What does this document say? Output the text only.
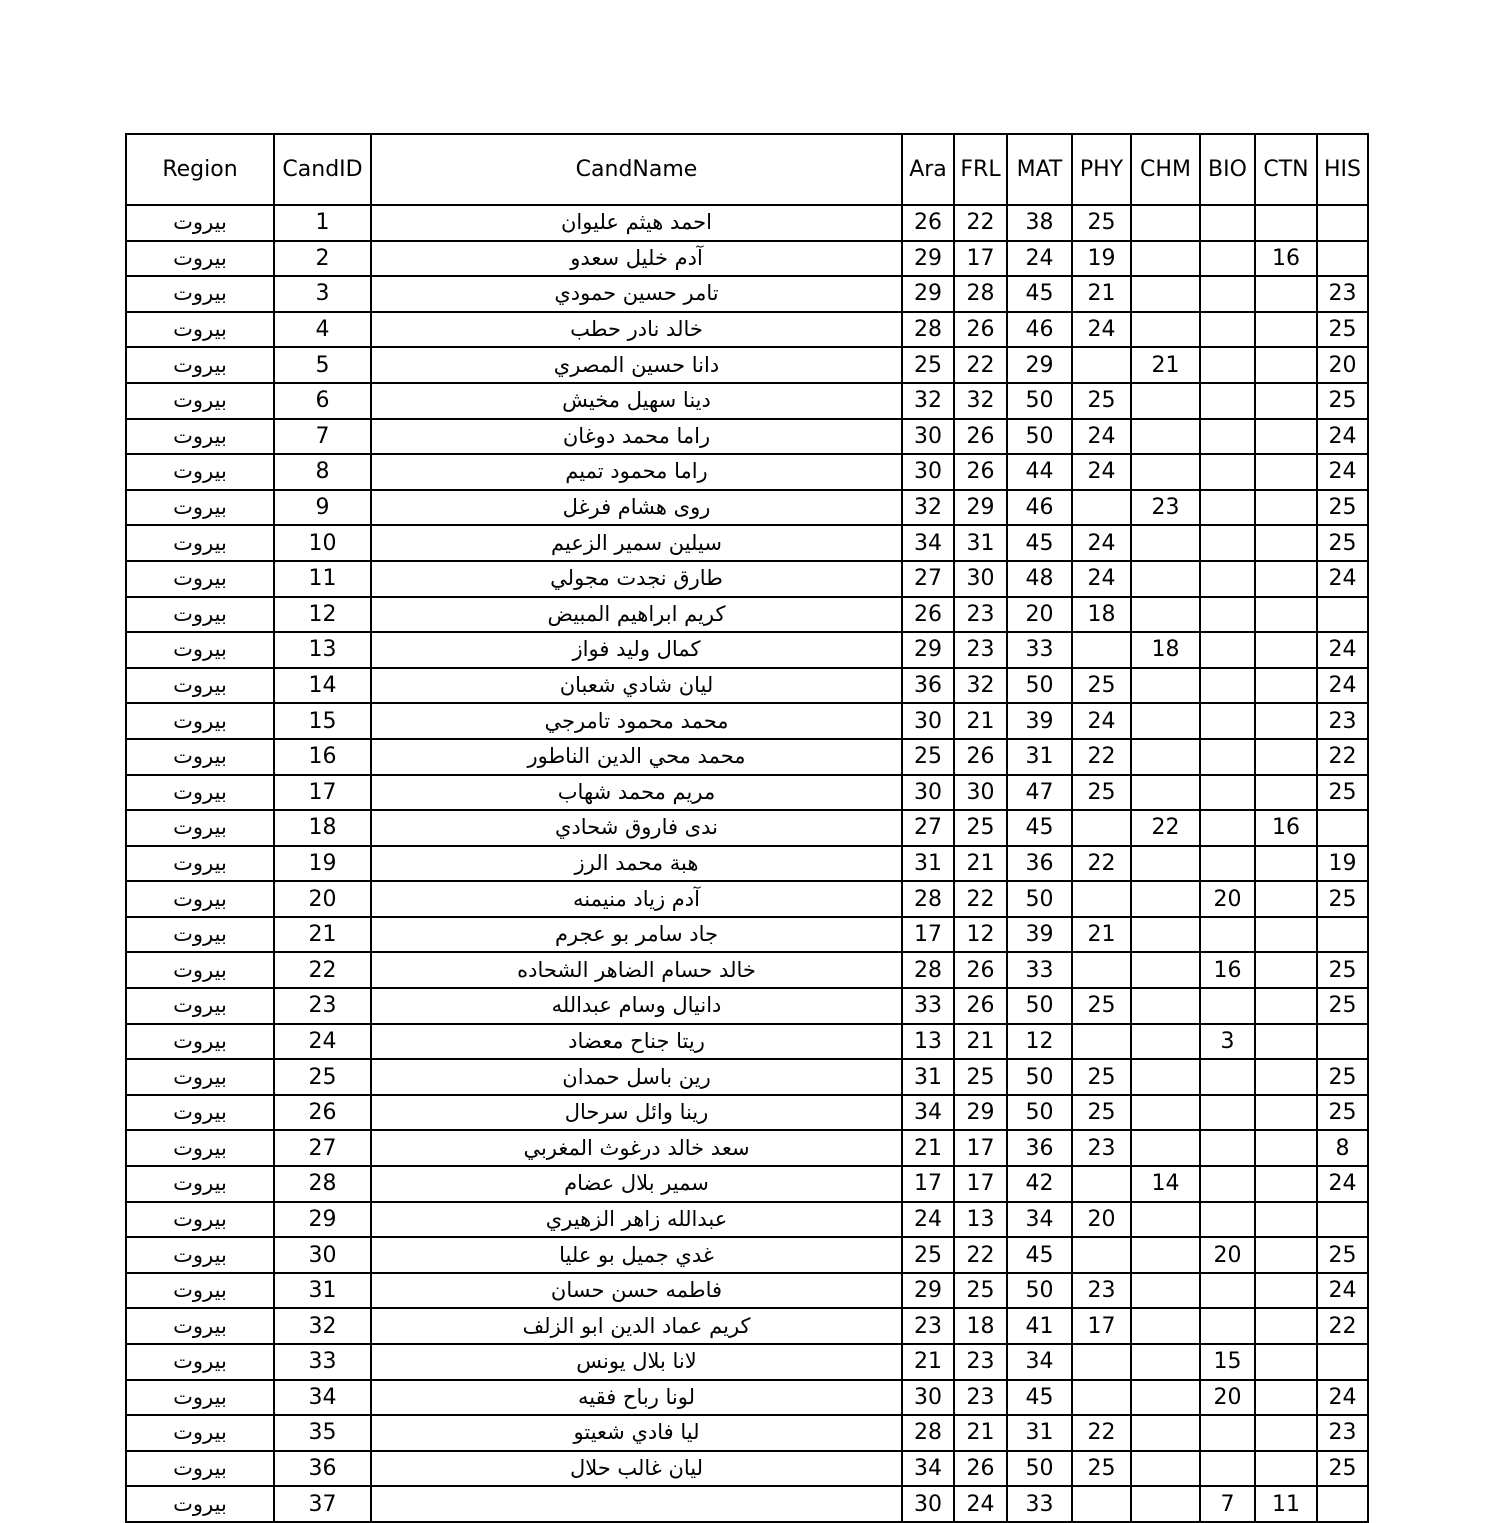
Region	CandID	CandName	Ara	FRL	MAT	PHY	CHM	BIO	CTN	HIS
بيروت	1	احمد هيثم عليوان	26	22	38	25				
بيروت	2	آدم خليل سعدو	29	17	24	19			16	
بيروت	3	تامر حسين حمودي	29	28	45	21				23
بيروت	4	خالد نادر حطب	28	26	46	24				25
بيروت	5	دانا حسين المصري	25	22	29		21			20
بيروت	6	دينا سهيل مخيش	32	32	50	25				25
بيروت	7	راما محمد دوغان	30	26	50	24				24
بيروت	8	راما محمود تميم	30	26	44	24				24
بيروت	9	روى هشام فرغل	32	29	46		23			25
بيروت	10	سيلين سمير الزعيم	34	31	45	24				25
بيروت	11	طارق نجدت مجولي	27	30	48	24				24
بيروت	12	كريم ابراهيم المبيض	26	23	20	18				
بيروت	13	كمال وليد فواز	29	23	33		18			24
بيروت	14	ليان شادي شعبان	36	32	50	25				24
بيروت	15	محمد محمود تامرجي	30	21	39	24				23
بيروت	16	محمد محي الدين الناطور	25	26	31	22				22
بيروت	17	مريم محمد شهاب	30	30	47	25				25
بيروت	18	ندى فاروق شحادي	27	25	45		22		16	
بيروت	19	هبة محمد الرز	31	21	36	22				19
بيروت	20	آدم زياد منيمنه	28	22	50			20		25
بيروت	21	جاد سامر بو عجرم	17	12	39	21				
بيروت	22	خالد حسام الضاهر الشحاده	28	26	33			16		25
بيروت	23	دانيال وسام عبدالله	33	26	50	25				25
بيروت	24	ريتا جناح معضاد	13	21	12			3		
بيروت	25	رين باسل حمدان	31	25	50	25				25
بيروت	26	رينا وائل سرحال	34	29	50	25				25
بيروت	27	سعد خالد درغوث المغربي	21	17	36	23				8
بيروت	28	سمير بلال عضام	17	17	42		14			24
بيروت	29	عبدالله زاهر الزهيري	24	13	34	20				
بيروت	30	غدي جميل بو عليا	25	22	45			20		25
بيروت	31	فاطمه حسن حسان	29	25	50	23				24
بيروت	32	كريم عماد الدين ابو الزلف	23	18	41	17				22
بيروت	33	لانا بلال يونس	21	23	34			15		
بيروت	34	لونا رباح فقيه	30	23	45			20		24
بيروت	35	ليا فادي شعيتو	28	21	31	22				23
بيروت	36	ليان غالب حلال	34	26	50	25				25
بيروت	37		30	24	33			7	11	
